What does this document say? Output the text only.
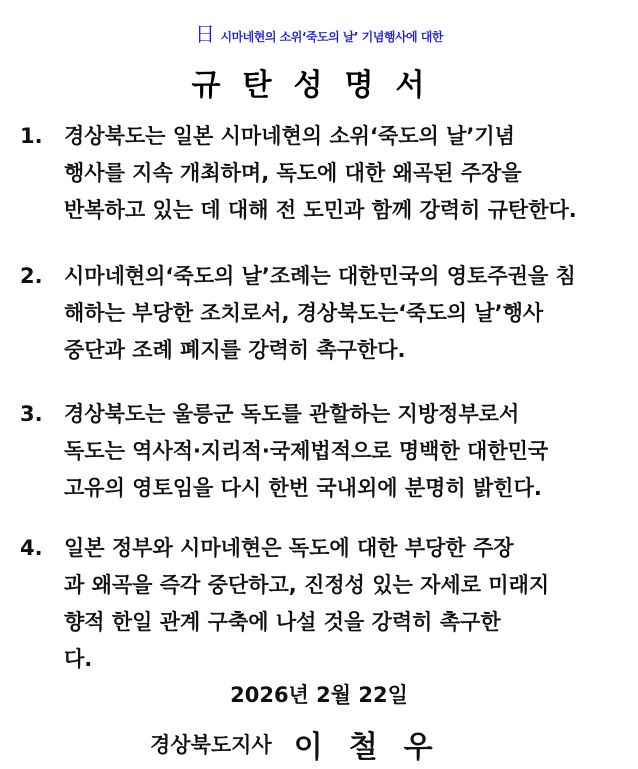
日시마네현의 소위‘죽도의 날’ 기념행사에 대한
규탄성명서
1.	경상북도는 일본 시마네현의 소위‘죽도의 날’기념
행사를 지속 개최하며, 독도에 대한 왜곡된 주장을
반복하고 있는 데 대해 전 도민과 함께 강력히 규탄한다.
2.	시마네현의‘죽도의 날’조례는 대한민국의 영토주권을 침
해하는 부당한 조치로서, 경상북도는‘죽도의 날’행사
중단과 조례 폐지를 강력히 촉구한다.
3.	경상북도는 울릉군 독도를 관할하는 지방정부로서
독도는 역사적·지리적·국제법적으로 명백한 대한민국
고유의 영토임을 다시 한번 국내외에 분명히 밝힌다.
4.	일본 정부와 시마네현은 독도에 대한 부당한 주장
과 왜곡을 즉각 중단하고, 진정성 있는 자세로 미래지
향적 한일 관계 구축에 나설 것을 강력히 촉구한
다.
2026년 2월 22일
경상북도지사 이철우
